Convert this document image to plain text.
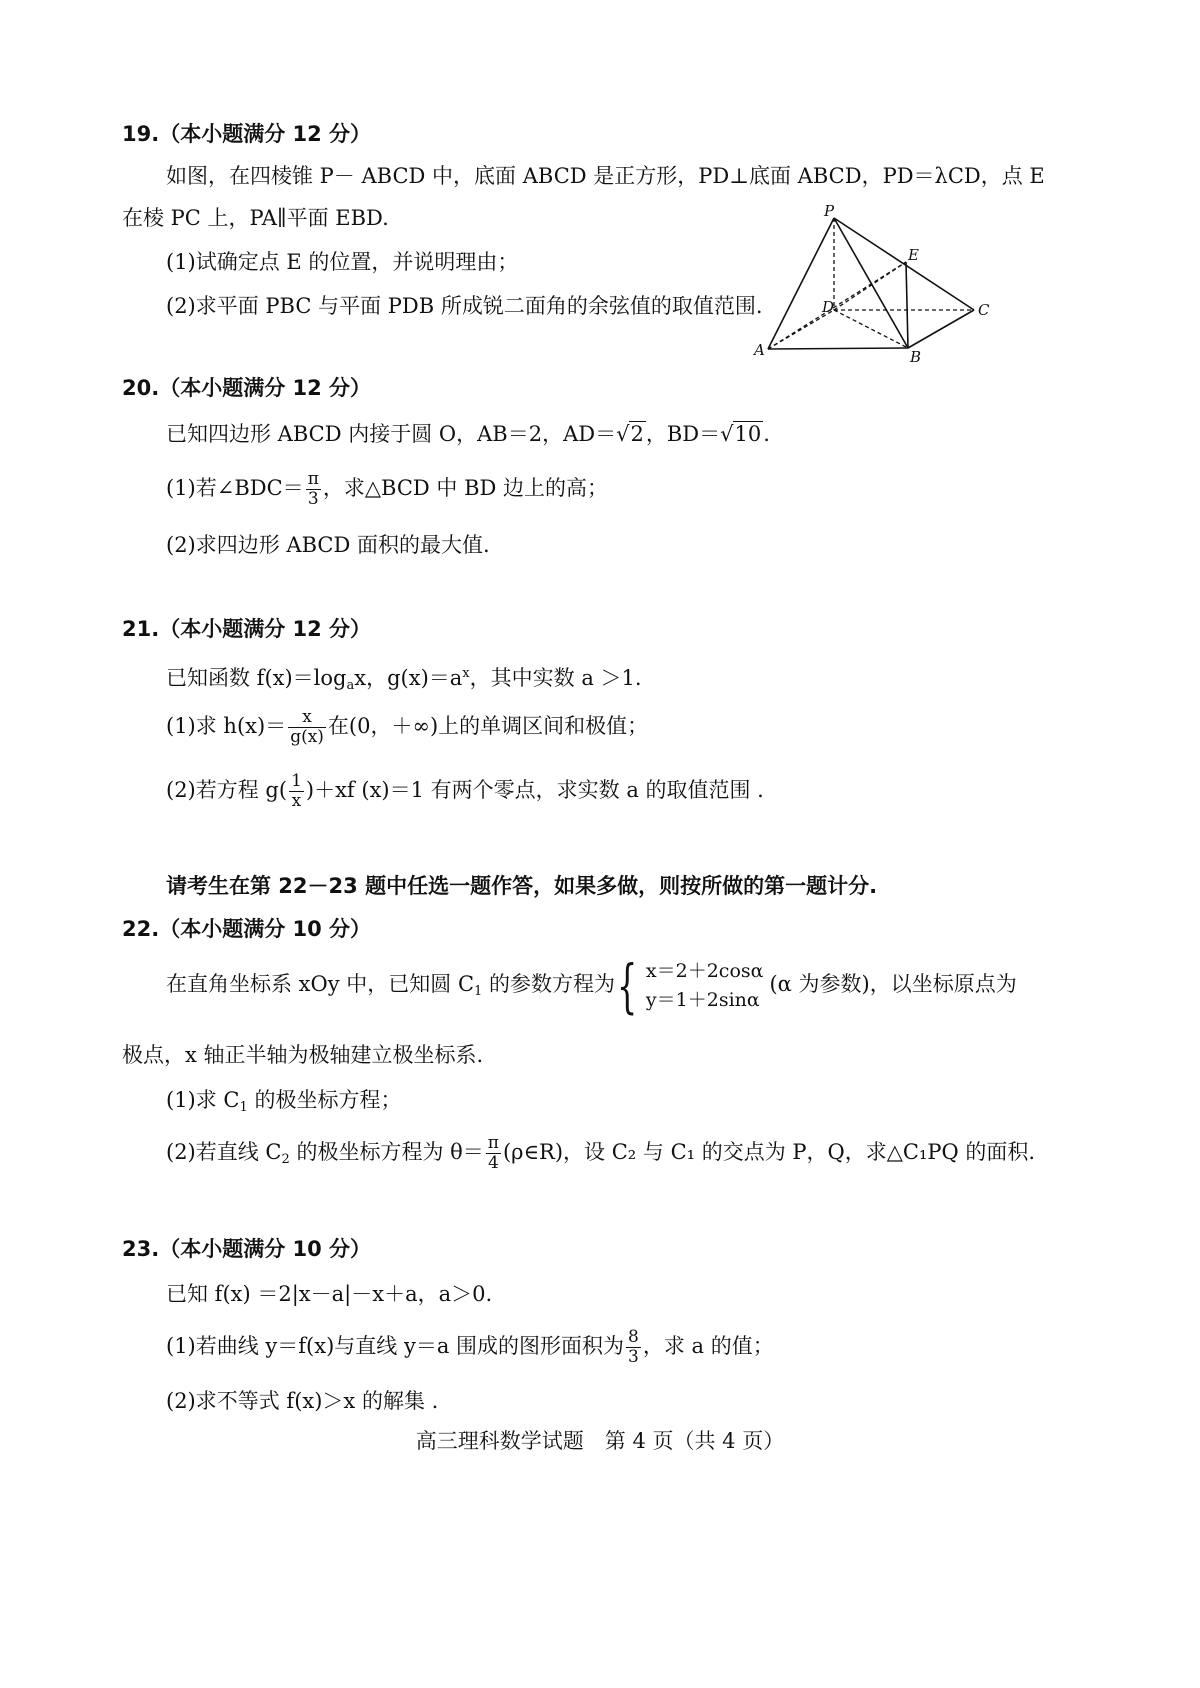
19.（本小题满分 12 分）
如图，在四棱锥 P－ ABCD 中，底面 ABCD 是正方形，PD⊥底面 ABCD，PD＝λCD，点 E
在棱 PC 上，PA∥平面 EBD.
(1)试确定点 E 的位置，并说明理由；
(2)求平面 PBC 与平面 PDB 所成锐二面角的余弦值的取值范围.
P
E
D	C
A	B
20.（本小题满分 12 分）
已知四边形 ABCD 内接于圆 O，AB＝2，AD＝√2，BD＝√10.
(1)若∠BDC＝ $\frac{\pi}{3}$ ，求△BCD 中 BD 边上的高；
(2)求四边形 ABCD 面积的最大值.
21.（本小题满分 12 分）
已知函数 $f(x)=\log_ax$，$g(x)=a^x$，其中实数 a ＞1.
(1)求 $h(x)= \frac{x}{g(x)}$ 在(0，＋∞)上的单调区间和极值；
(2)若方程 $g( \frac{1}{x} )+xf$ (x)＝1 有两个零点，求实数 a 的取值范围 .
请考生在第 22－23 题中任选一题作答，如果多做，则按所做的第一题计分.
22.（本小题满分 10 分）
在直角坐标系 xOy 中，已知圆 $C_1$ 的参数方程为{ x＝2＋2cosα
y＝1＋2sinα
(α 为参数)，以坐标原点为
极点，x 轴正半轴为极轴建立极坐标系.
(1)求 $C_1$ 的极坐标方程；
(2)若直线 $C_2$ 的极坐标方程为 $\theta= \frac{\pi}{4}$ (ρ∈R)，设 C₂ 与 C₁ 的交点为 P，Q，求△C₁PQ 的面积.
23.（本小题满分 10 分）
已知 f(x) ＝2|x－a|－x＋a，a＞0.
(1)若曲线 y＝f(x)与直线 y＝a 围成的图形面积为 $\frac{8}{3}$ ，求 a 的值；
(2)求不等式 f(x)＞x 的解集 .
高三理科数学试题　第 4 页（共 4 页）
